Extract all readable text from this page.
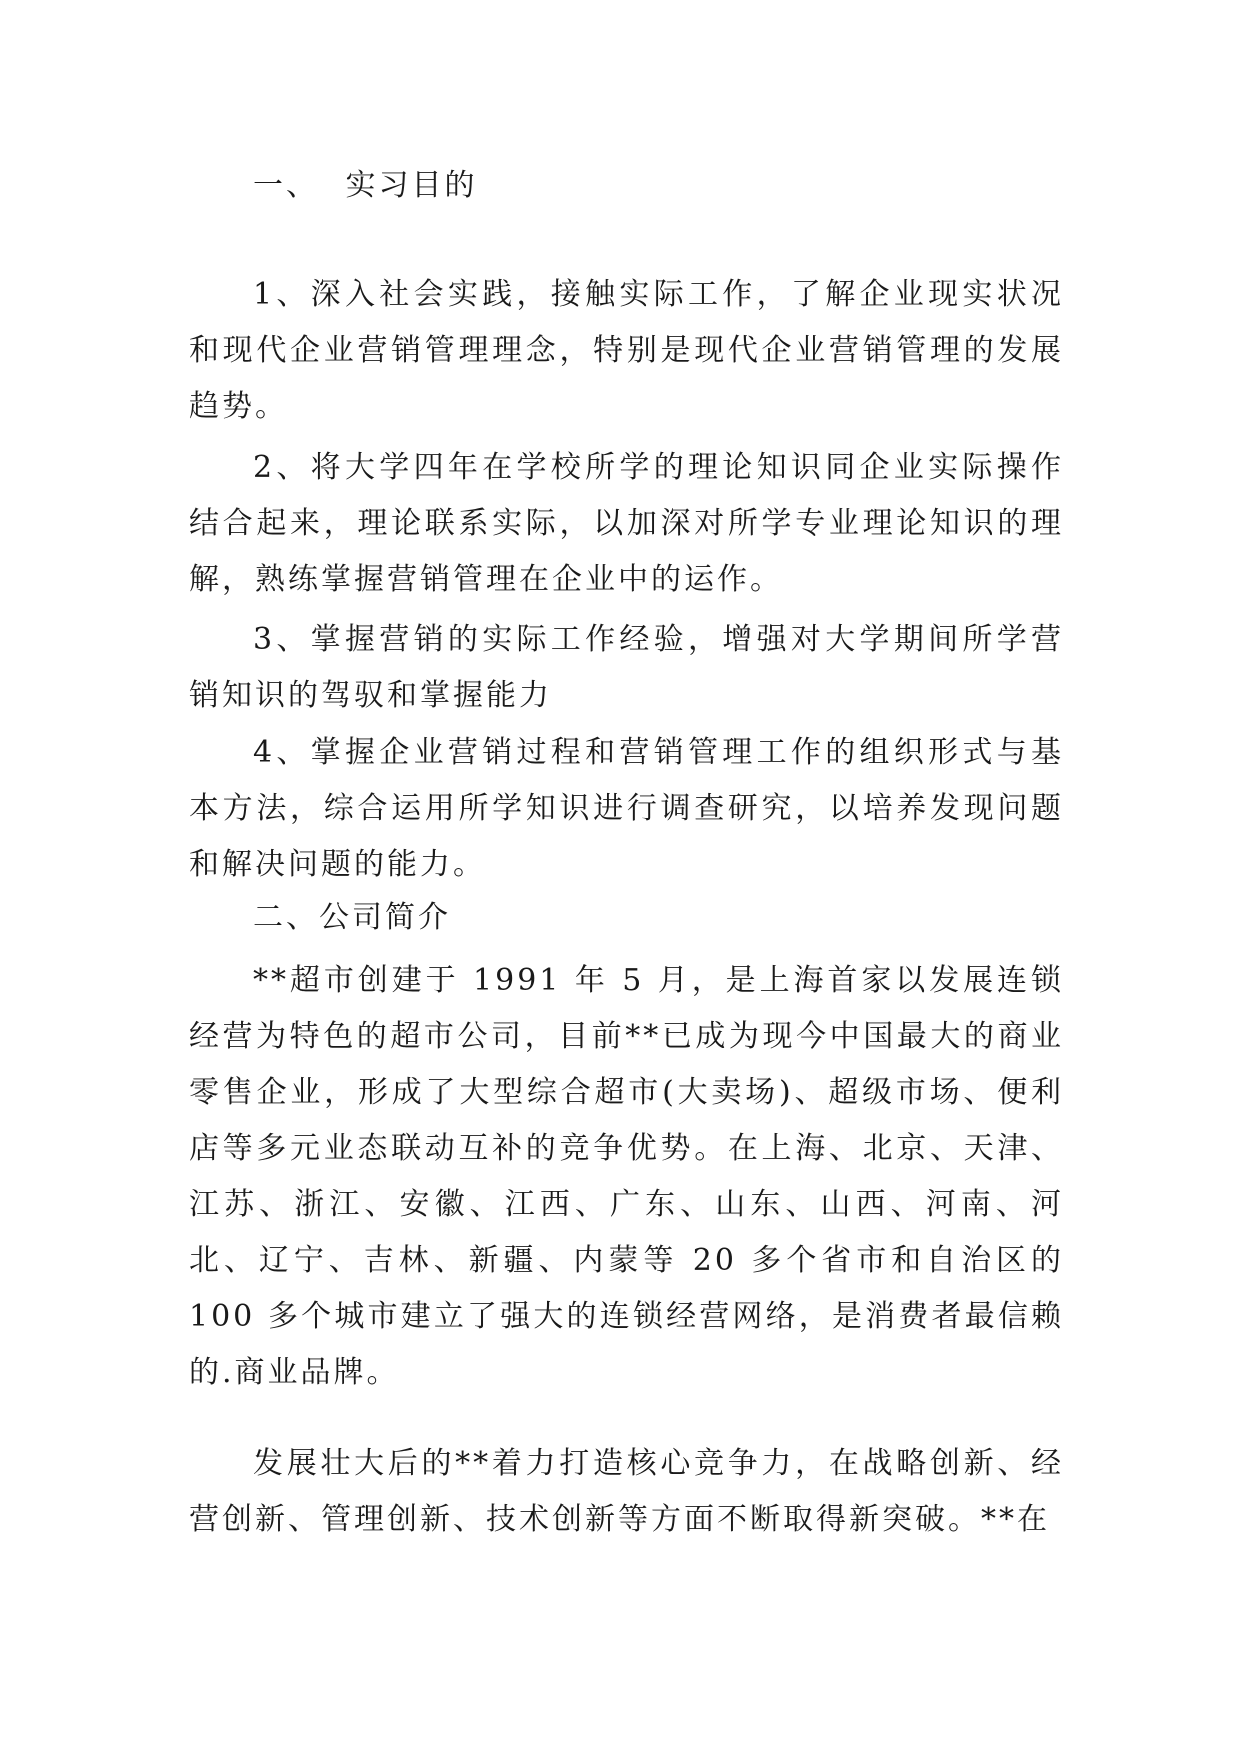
一、 实习目的

1、深入社会实践，接触实际工作，了解企业现实状况和现代企业营销管理理念，特别是现代企业营销管理的发展趋势。

2、将大学四年在学校所学的理论知识同企业实际操作结合起来，理论联系实际，以加深对所学专业理论知识的理解，熟练掌握营销管理在企业中的运作。

3、掌握营销的实际工作经验，增强对大学期间所学营销知识的驾驭和掌握能力

4、掌握企业营销过程和营销管理工作的组织形式与基本方法，综合运用所学知识进行调查研究，以培养发现问题和解决问题的能力。

二、公司简介

**超市创建于 1991 年 5 月，是上海首家以发展连锁经营为特色的超市公司，目前**已成为现今中国最大的商业零售企业，形成了大型综合超市(大卖场)、超级市场、便利店等多元业态联动互补的竞争优势。在上海、北京、天津、江苏、浙江、安徽、江西、广东、山东、山西、河南、河北、辽宁、吉林、新疆、内蒙等 20 多个省市和自治区的 100 多个城市建立了强大的连锁经营网络，是消费者最信赖的.商业品牌。

发展壮大后的**着力打造核心竞争力，在战略创新、经营创新、管理创新、技术创新等方面不断取得新突破。**在
